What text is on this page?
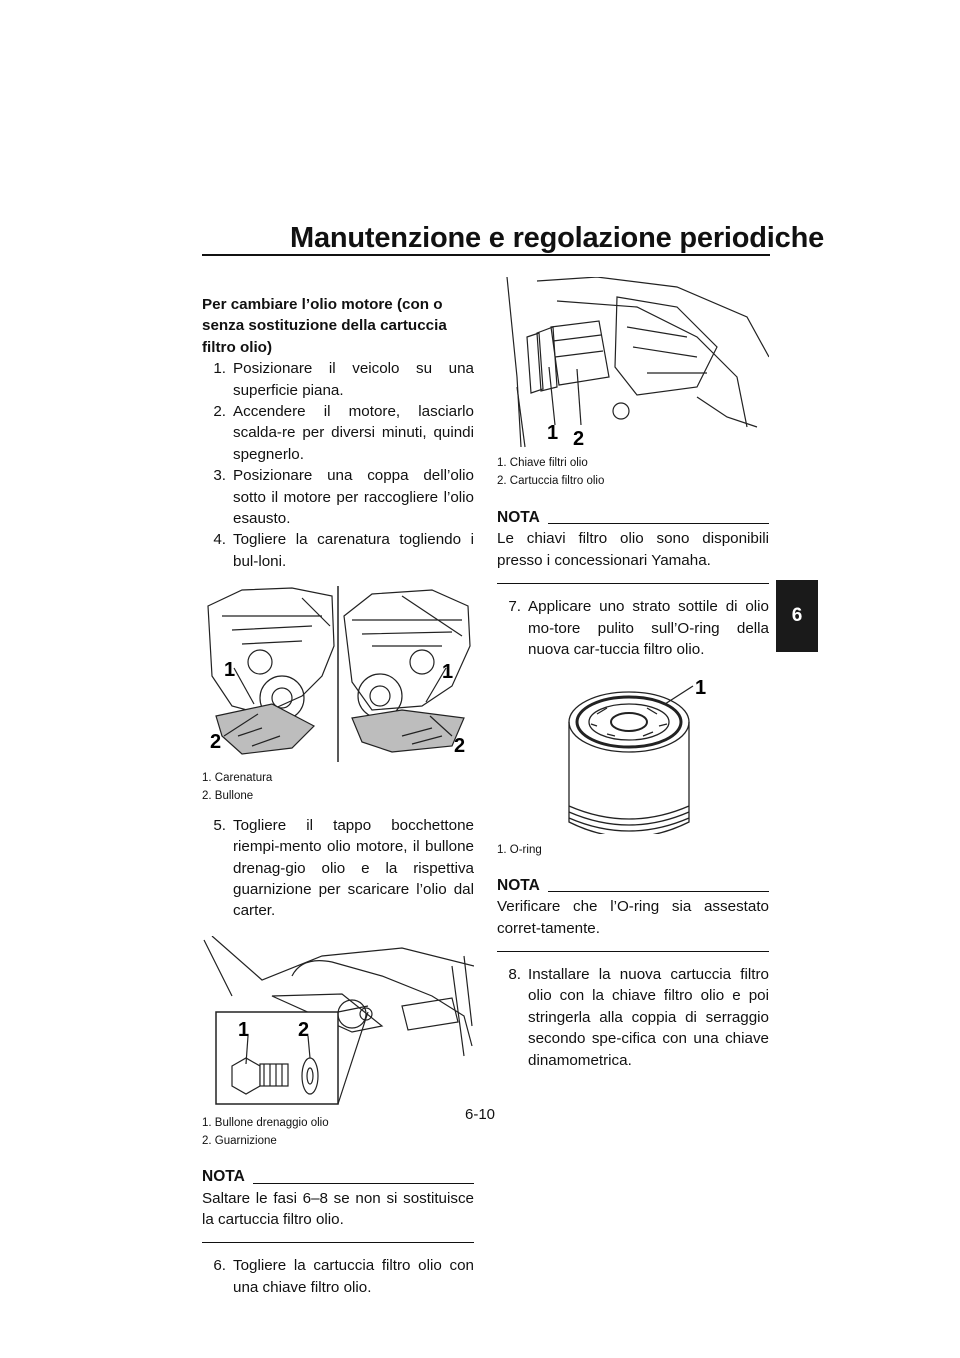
Manutenzione e regolazione periodiche
6
Per cambiare l’olio motore (con o senza sostituzione della cartuccia filtro olio)
1. Posizionare il veicolo su una superficie piana.
2. Accendere il motore, lasciarlo scalda-re per diversi minuti, quindi spegnerlo.
3. Posizionare una coppa dell’olio sotto il motore per raccogliere l’olio esausto.
4. Togliere la carenatura togliendo i bul-loni.
1
2
1
2
1. Carenatura
2. Bullone
5. Togliere il tappo bocchettone riempi-mento olio motore, il bullone drenag-gio olio e la rispettiva guarnizione per scaricare l’olio dal carter.
1 2
1. Bullone drenaggio olio
2. Guarnizione
NOTA
Saltare le fasi 6–8 se non si sostituisce la cartuccia filtro olio.
6. Togliere la cartuccia filtro olio con una chiave filtro olio.
1 2
1. Chiave filtri olio
2. Cartuccia filtro olio
NOTA
Le chiavi filtro olio sono disponibili presso i concessionari Yamaha.
7. Applicare uno strato sottile di olio mo-tore pulito sull’O-ring della nuova car-tuccia filtro olio.
1
1. O-ring
NOTA
Verificare che l’O-ring sia assestato corret-tamente.
8. Installare la nuova cartuccia filtro olio con la chiave filtro olio e poi stringerla alla coppia di serraggio secondo spe-cifica con una chiave dinamometrica.
6-10
